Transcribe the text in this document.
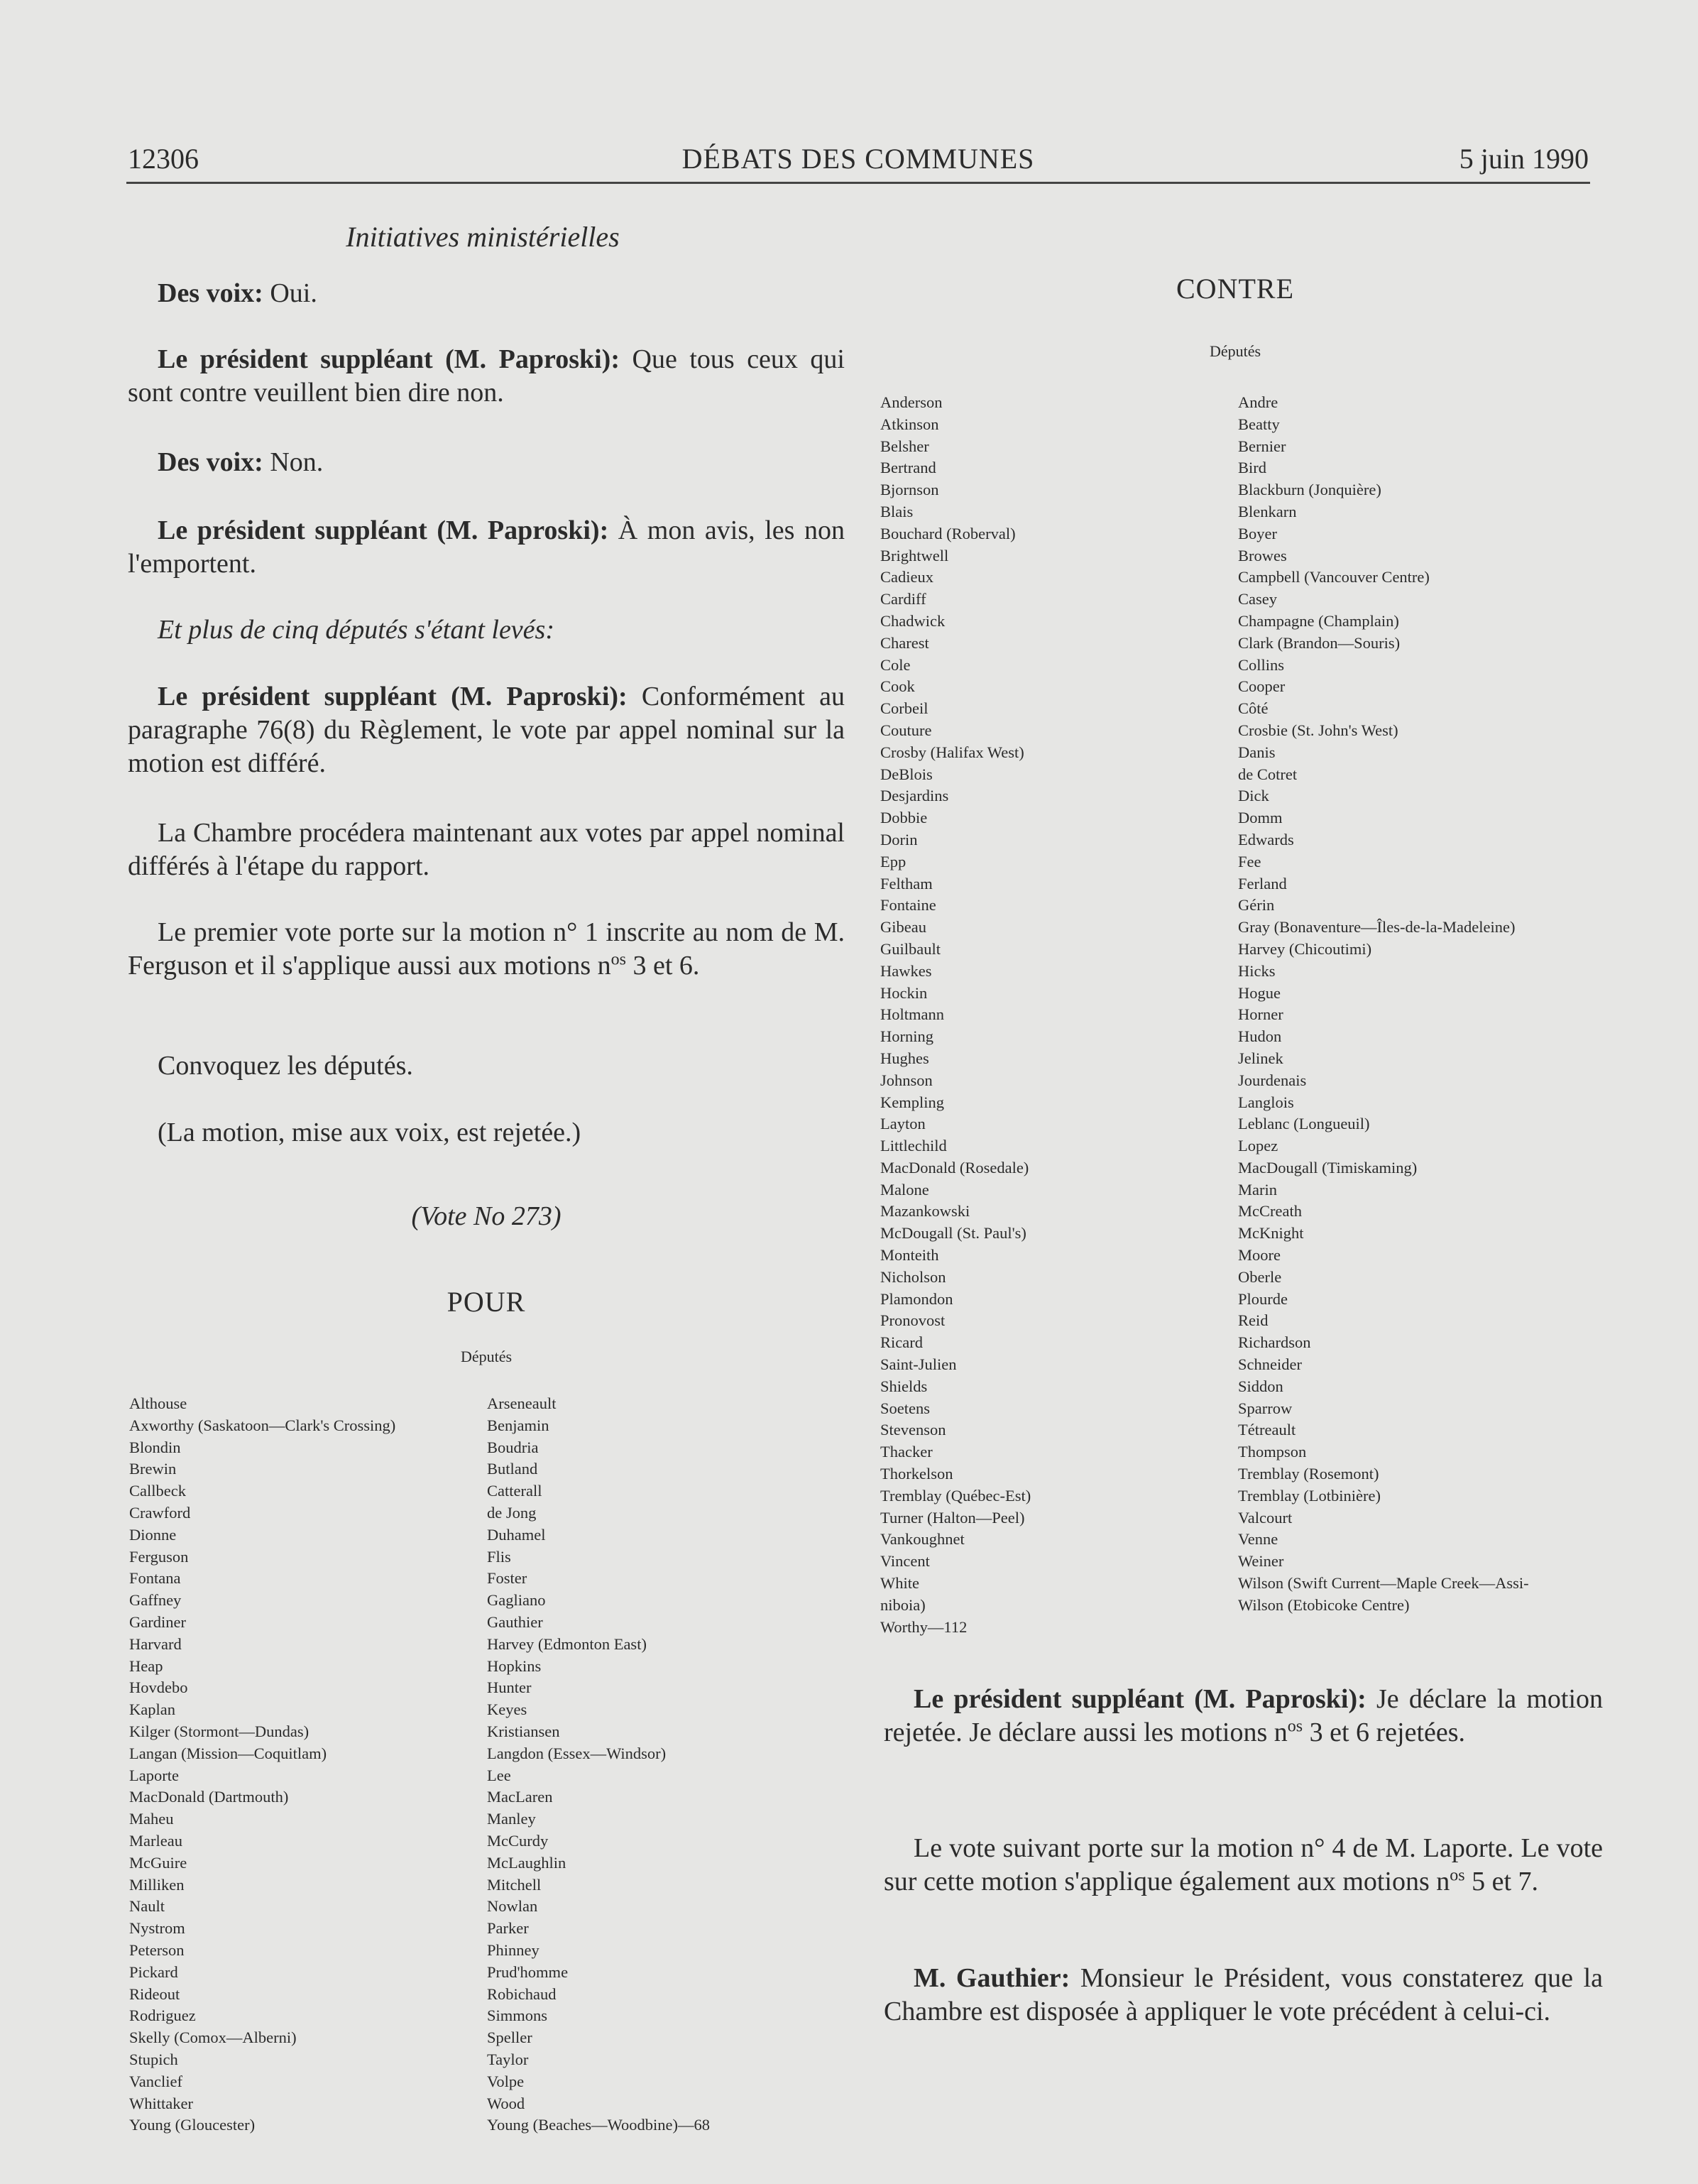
DÉBATS DES COMMUNES
12306	5 juin 1990
Initiatives ministérielles
Des voix: Oui.
Le président suppléant (M. Paproski): Que tous ceux qui sont contre veuillent bien dire non.
Des voix: Non.
Le président suppléant (M. Paproski): À mon avis, les non l'emportent.
Et plus de cinq députés s'étant levés:
Le président suppléant (M. Paproski): Conformément au paragraphe 76(8) du Règlement, le vote par appel nominal sur la motion est différé.
La Chambre procédera maintenant aux votes par appel nominal différés à l'étape du rapport.
Le premier vote porte sur la motion n° 1 inscrite au nom de M. Ferguson et il s'applique aussi aux motions $n^{os}$ 3 et 6.
Convoquez les députés.
(La motion, mise aux voix, est rejetée.)
(Vote No 273)
POUR
Députés
Althouse
Axworthy (Saskatoon—Clark's Crossing)
Blondin
Brewin
Callbeck
Crawford
Dionne
Ferguson
Fontana
Gaffney
Gardiner
Harvard
Heap
Hovdebo
Kaplan
Kilger (Stormont—Dundas)
Langan (Mission—Coquitlam)
Laporte
MacDonald (Dartmouth)
Maheu
Marleau
McGuire
Milliken
Nault
Nystrom
Peterson
Pickard
Rideout
Rodriguez
Skelly (Comox—Alberni)
Stupich
Vanclief
Whittaker
Young (Gloucester)
Arseneault
Benjamin
Boudria
Butland
Catterall
de Jong
Duhamel
Flis
Foster
Gagliano
Gauthier
Harvey (Edmonton East)
Hopkins
Hunter
Keyes
Kristiansen
Langdon (Essex—Windsor)
Lee
MacLaren
Manley
McCurdy
McLaughlin
Mitchell
Nowlan
Parker
Phinney
Prud'homme
Robichaud
Simmons
Speller
Taylor
Volpe
Wood
Young (Beaches—Woodbine)—68
CONTRE
Députés
Anderson
Atkinson
Belsher
Bertrand
Bjornson
Blais
Bouchard (Roberval)
Brightwell
Cadieux
Cardiff
Chadwick
Charest
Cole
Cook
Corbeil
Couture
Crosby (Halifax West)
DeBlois
Desjardins
Dobbie
Dorin
Epp
Feltham
Fontaine
Gibeau
Guilbault
Hawkes
Hockin
Holtmann
Horning
Hughes
Johnson
Kempling
Layton
Littlechild
MacDonald (Rosedale)
Malone
Mazankowski
McDougall (St. Paul's)
Monteith
Nicholson
Plamondon
Pronovost
Ricard
Saint-Julien
Shields
Soetens
Stevenson
Thacker
Thorkelson
Tremblay (Québec-Est)
Turner (Halton—Peel)
Vankoughnet
Vincent
White
niboia)
Worthy—112
Andre
Beatty
Bernier
Bird
Blackburn (Jonquière)
Blenkarn
Boyer
Browes
Campbell (Vancouver Centre)
Casey
Champagne (Champlain)
Clark (Brandon—Souris)
Collins
Cooper
Côté
Crosbie (St. John's West)
Danis
de Cotret
Dick
Domm
Edwards
Fee
Ferland
Gérin
Gray (Bonaventure—Îles-de-la-Madeleine)
Harvey (Chicoutimi)
Hicks
Hogue
Horner
Hudon
Jelinek
Jourdenais
Langlois
Leblanc (Longueuil)
Lopez
MacDougall (Timiskaming)
Marin
McCreath
McKnight
Moore
Oberle
Plourde
Reid
Richardson
Schneider
Siddon
Sparrow
Tétreault
Thompson
Tremblay (Rosemont)
Tremblay (Lotbinière)
Valcourt
Venne
Weiner
Wilson (Swift Current—Maple Creek—Assi-
Wilson (Etobicoke Centre)
Le président suppléant (M. Paproski): Je déclare la motion rejetée. Je déclare aussi les motions $n^{os}$ 3 et 6 rejetées.
Le vote suivant porte sur la motion n° 4 de M. Laporte. Le vote sur cette motion s'applique également aux motions $n^{os}$ 5 et 7.
M. Gauthier: Monsieur le Président, vous constaterez que la Chambre est disposée à appliquer le vote précédent à celui-ci.
